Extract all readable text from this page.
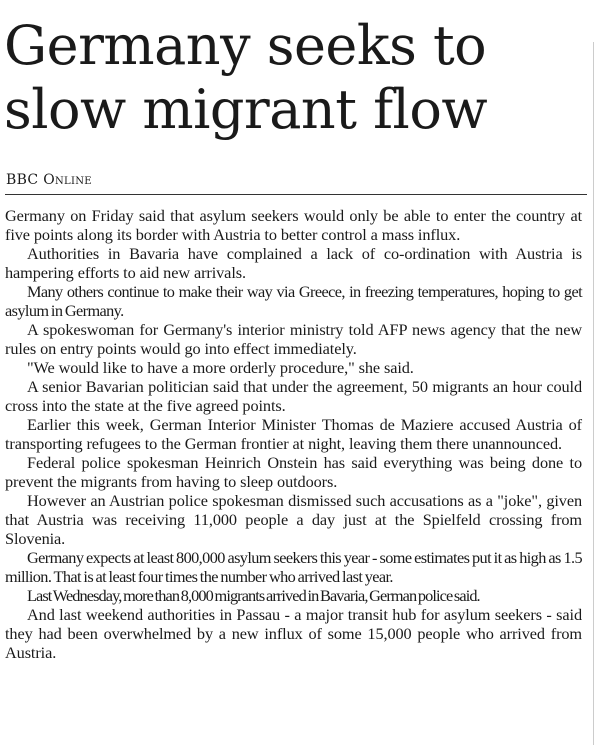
Germany seeks to slow migrant flow
BBC Online

Germany on Friday said that asylum seekers would only be able to enter the country at five points along its border with Austria to better control a mass influx.

Authorities in Bavaria have complained a lack of co-ordination with Austria is hampering efforts to aid new arrivals.

Many others continue to make their way via Greece, in freezing temperatures, hoping to get asylum in Germany.

A spokeswoman for Germany's interior ministry told AFP news agency that the new rules on entry points would go into effect immediately.

"We would like to have a more orderly procedure," she said.

A senior Bavarian politician said that under the agreement, 50 migrants an hour could cross into the state at the five agreed points.

Earlier this week, German Interior Minister Thomas de Maziere accused Austria of transporting refugees to the German frontier at night, leaving them there unannounced.

Federal police spokesman Heinrich Onstein has said everything was being done to prevent the migrants from having to sleep outdoors.

However an Austrian police spokesman dismissed such accusations as a "joke", given that Austria was receiving 11,000 people a day just at the Spielfeld crossing from Slovenia.

Germany expects at least 800,000 asylum seekers this year - some estimates put it as high as 1.5 million. That is at least four times the number who arrived last year.

Last Wednesday, more than 8,000 migrants arrived in Bavaria, German police said.

And last weekend authorities in Passau - a major transit hub for asylum seekers - said they had been overwhelmed by a new influx of some 15,000 people who arrived from Austria.
